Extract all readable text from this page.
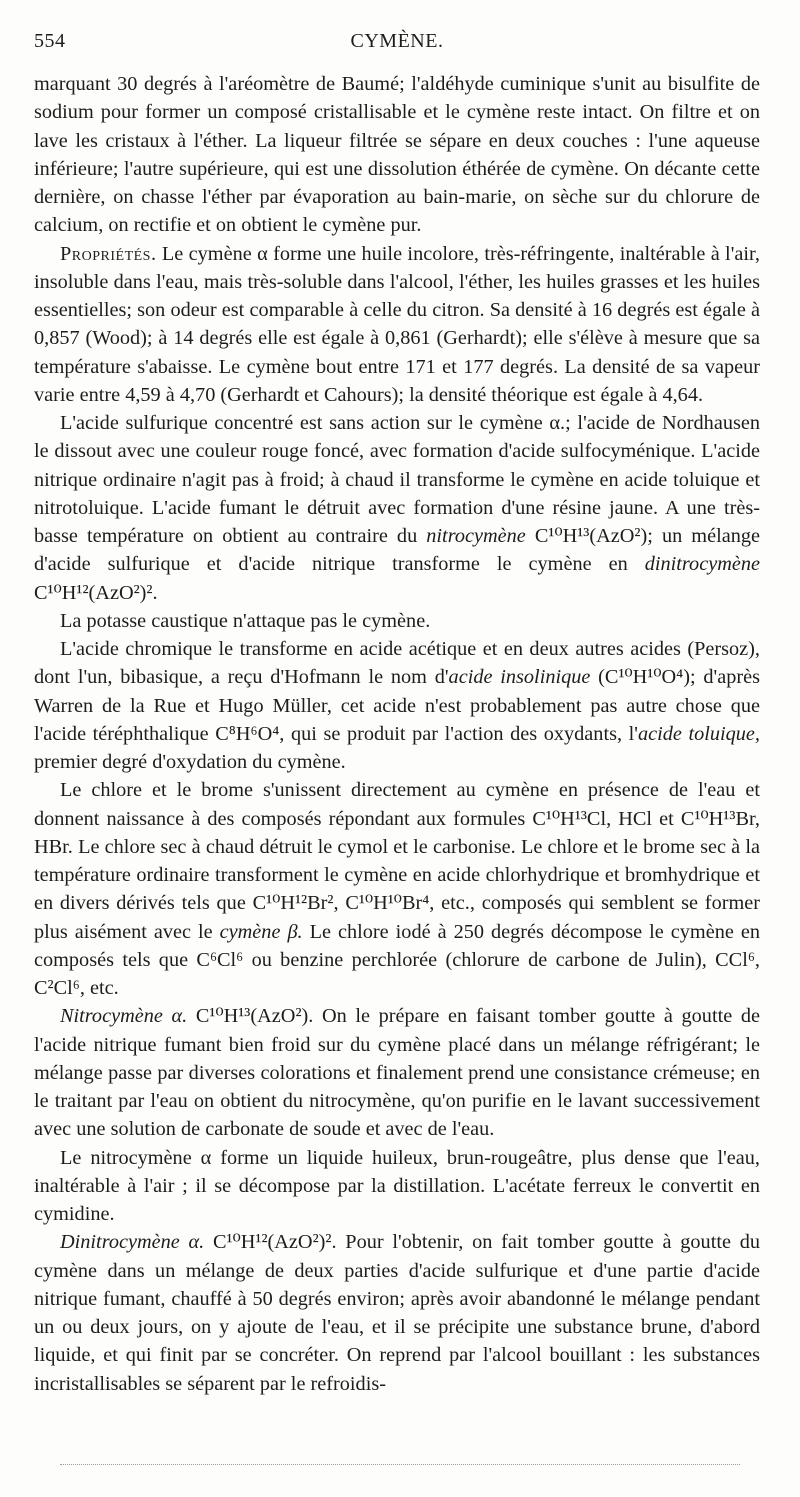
554	CYMÈNE.

marquant 30 degrés à l'aréomètre de Baumé; l'aldéhyde cuminique s'unit au bisulfite de sodium pour former un composé cristallisable et le cymène reste intact. On filtre et on lave les cristaux à l'éther. La liqueur filtrée se sépare en deux couches : l'une aqueuse inférieure; l'autre supérieure, qui est une dissolution éthérée de cymène. On décante cette dernière, on chasse l'éther par évaporation au bain-marie, on sèche sur du chlorure de calcium, on rectifie et on obtient le cymène pur.

Propriétés. Le cymène α forme une huile incolore, très-réfringente, inaltérable à l'air, insoluble dans l'eau, mais très-soluble dans l'alcool, l'éther, les huiles grasses et les huiles essentielles; son odeur est comparable à celle du citron. Sa densité à 16 degrés est égale à 0,857 (Wood); à 14 degrés elle est égale à 0,861 (Gerhardt); elle s'élève à mesure que sa température s'abaisse. Le cymène bout entre 171 et 177 degrés. La densité de sa vapeur varie entre 4,59 à 4,70 (Gerhardt et Cahours); la densité théorique est égale à 4,64.

L'acide sulfurique concentré est sans action sur le cymène α.; l'acide de Nordhausen le dissout avec une couleur rouge foncé, avec formation d'acide sulfocyménique. L'acide nitrique ordinaire n'agit pas à froid; à chaud il transforme le cymène en acide toluique et nitrotoluique. L'acide fumant le détruit avec formation d'une résine jaune. A une très-basse température on obtient au contraire du nitrocymène C¹⁰H¹³(AzO²); un mélange d'acide sulfurique et d'acide nitrique transforme le cymène en dinitrocymène C¹⁰H¹²(AzO²)².

La potasse caustique n'attaque pas le cymène.

L'acide chromique le transforme en acide acétique et en deux autres acides (Persoz), dont l'un, bibasique, a reçu d'Hofmann le nom d'acide insolinique (C¹⁰H¹⁰O⁴); d'après Warren de la Rue et Hugo Müller, cet acide n'est probablement pas autre chose que l'acide téréphthalique C⁸H⁶O⁴, qui se produit par l'action des oxydants, l'acide toluique, premier degré d'oxydation du cymène.

Le chlore et le brome s'unissent directement au cymène en présence de l'eau et donnent naissance à des composés répondant aux formules C¹⁰H¹³Cl, HCl et C¹⁰H¹³Br, HBr. Le chlore sec à chaud détruit le cymol et le carbonise. Le chlore et le brome sec à la température ordinaire transforment le cymène en acide chlorhydrique et bromhydrique et en divers dérivés tels que C¹⁰H¹²Br², C¹⁰H¹⁰Br⁴, etc., composés qui semblent se former plus aisément avec le cymène β. Le chlore iodé à 250 degrés décompose le cymène en composés tels que C⁶Cl⁶ ou benzine perchlorée (chlorure de carbone de Julin), CCl⁶, C²Cl⁶, etc.

Nitrocymène α. C¹⁰H¹³(AzO²). On le prépare en faisant tomber goutte à goutte de l'acide nitrique fumant bien froid sur du cymène placé dans un mélange réfrigérant; le mélange passe par diverses colorations et finalement prend une consistance crémeuse; en le traitant par l'eau on obtient du nitrocymène, qu'on purifie en le lavant successivement avec une solution de carbonate de soude et avec de l'eau.

Le nitrocymène α forme un liquide huileux, brun-rougeâtre, plus dense que l'eau, inaltérable à l'air ; il se décompose par la distillation. L'acétate ferreux le convertit en cymidine.

Dinitrocymène α. C¹⁰H¹²(AzO²)². Pour l'obtenir, on fait tomber goutte à goutte du cymène dans un mélange de deux parties d'acide sulfurique et d'une partie d'acide nitrique fumant, chauffé à 50 degrés environ; après avoir abandonné le mélange pendant un ou deux jours, on y ajoute de l'eau, et il se précipite une substance brune, d'abord liquide, et qui finit par se concréter. On reprend par l'alcool bouillant : les substances incristallisables se séparent par le refroidis-
